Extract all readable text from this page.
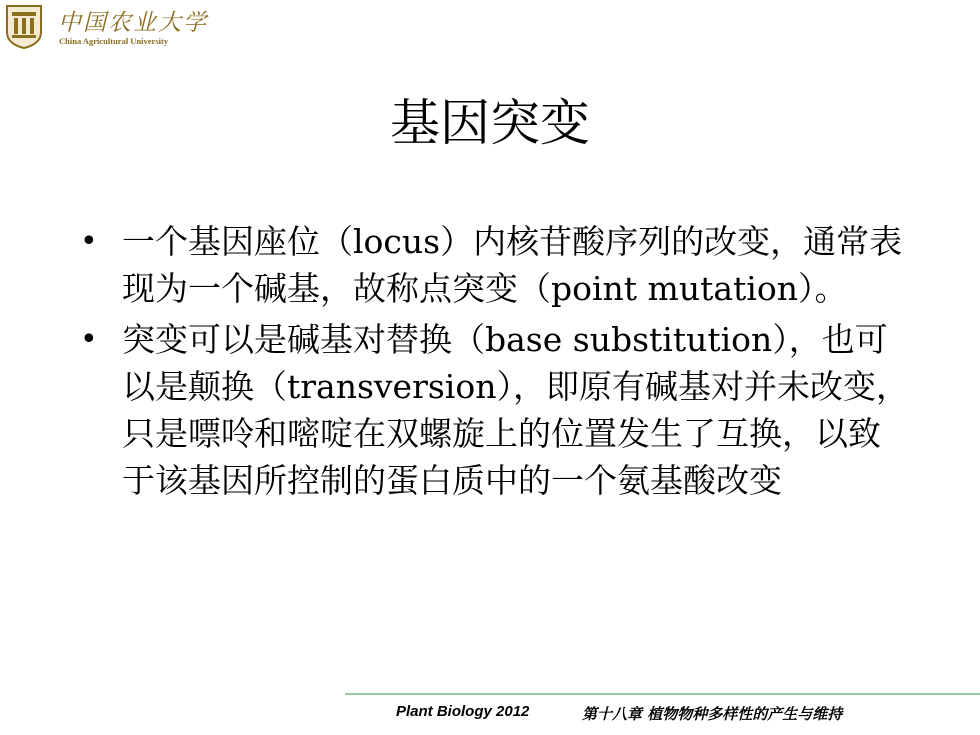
中国农业大学
China Agricultural University
基因突变
• 一个基因座位（locus）内核苷酸序列的改变，通常表现为一个碱基，故称点突变（point mutation）。
• 突变可以是碱基对替换（base substitution），也可以是颠换（transversion），即原有碱基对并未改变，只是嘌呤和嘧啶在双螺旋上的位置发生了互换，以致于该基因所控制的蛋白质中的一个氨基酸改变
Plant Biology 2012	第十八章 植物物种多样性的产生与维持
